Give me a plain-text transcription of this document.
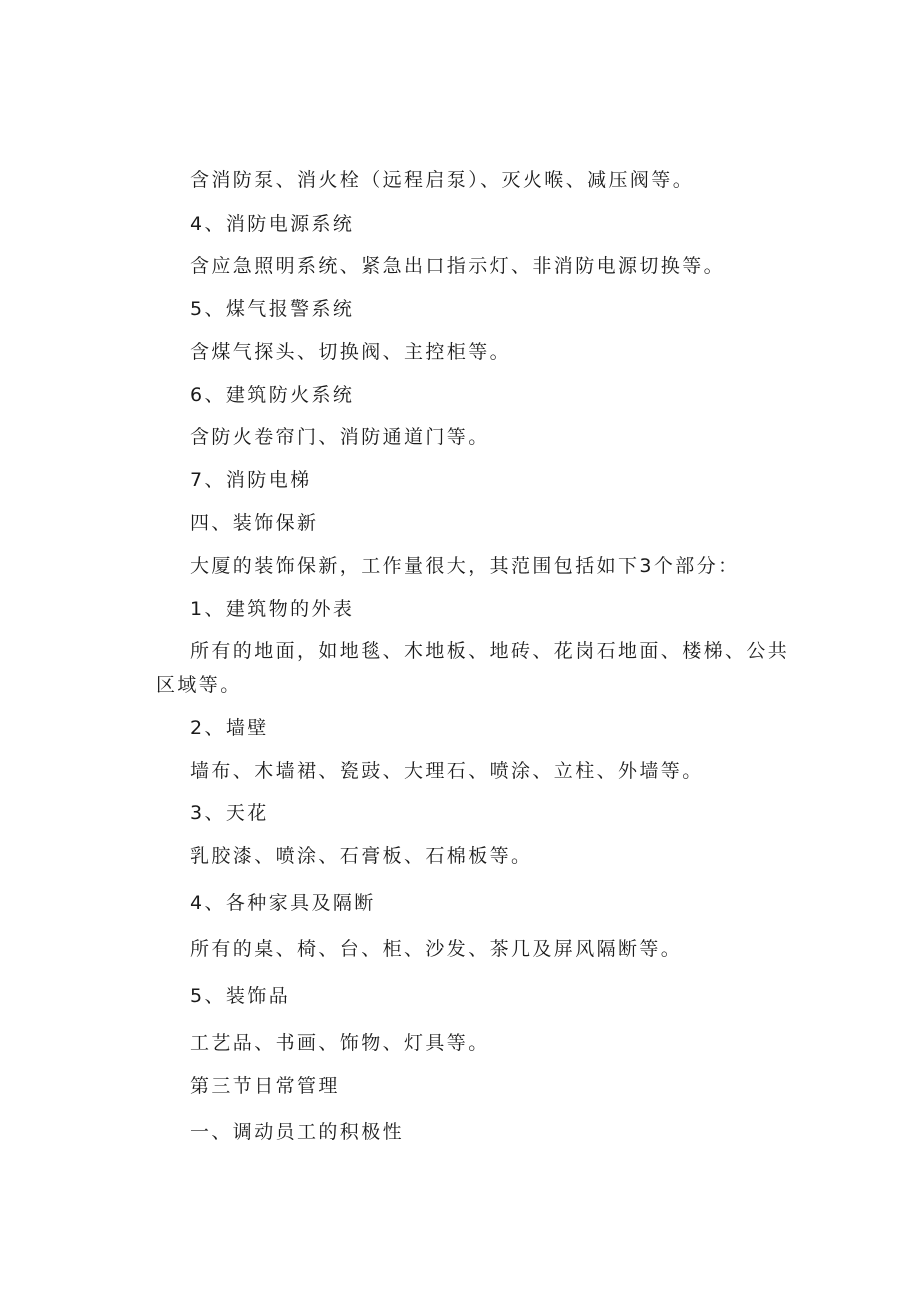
含消防泵、消火栓（远程启泵）、灭火喉、减压阀等。
4、消防电源系统
含应急照明系统、紧急出口指示灯、非消防电源切换等。
5、煤气报警系统
含煤气探头、切换阀、主控柜等。
6、建筑防火系统
含防火卷帘门、消防通道门等。
7、消防电梯
四、装饰保新
大厦的装饰保新，工作量很大，其范围包括如下3个部分：
1、建筑物的外表
所有的地面，如地毯、木地板、地砖、花岗石地面、楼梯、公共
区域等。
2、墙壁
墙布、木墙裙、瓷豉、大理石、喷涂、立柱、外墙等。
3、天花
乳胶漆、喷涂、石膏板、石棉板等。
4、各种家具及隔断
所有的桌、椅、台、柜、沙发、茶几及屏风隔断等。
5、装饰品
工艺品、书画、饰物、灯具等。
第三节日常管理
一、调动员工的积极性
